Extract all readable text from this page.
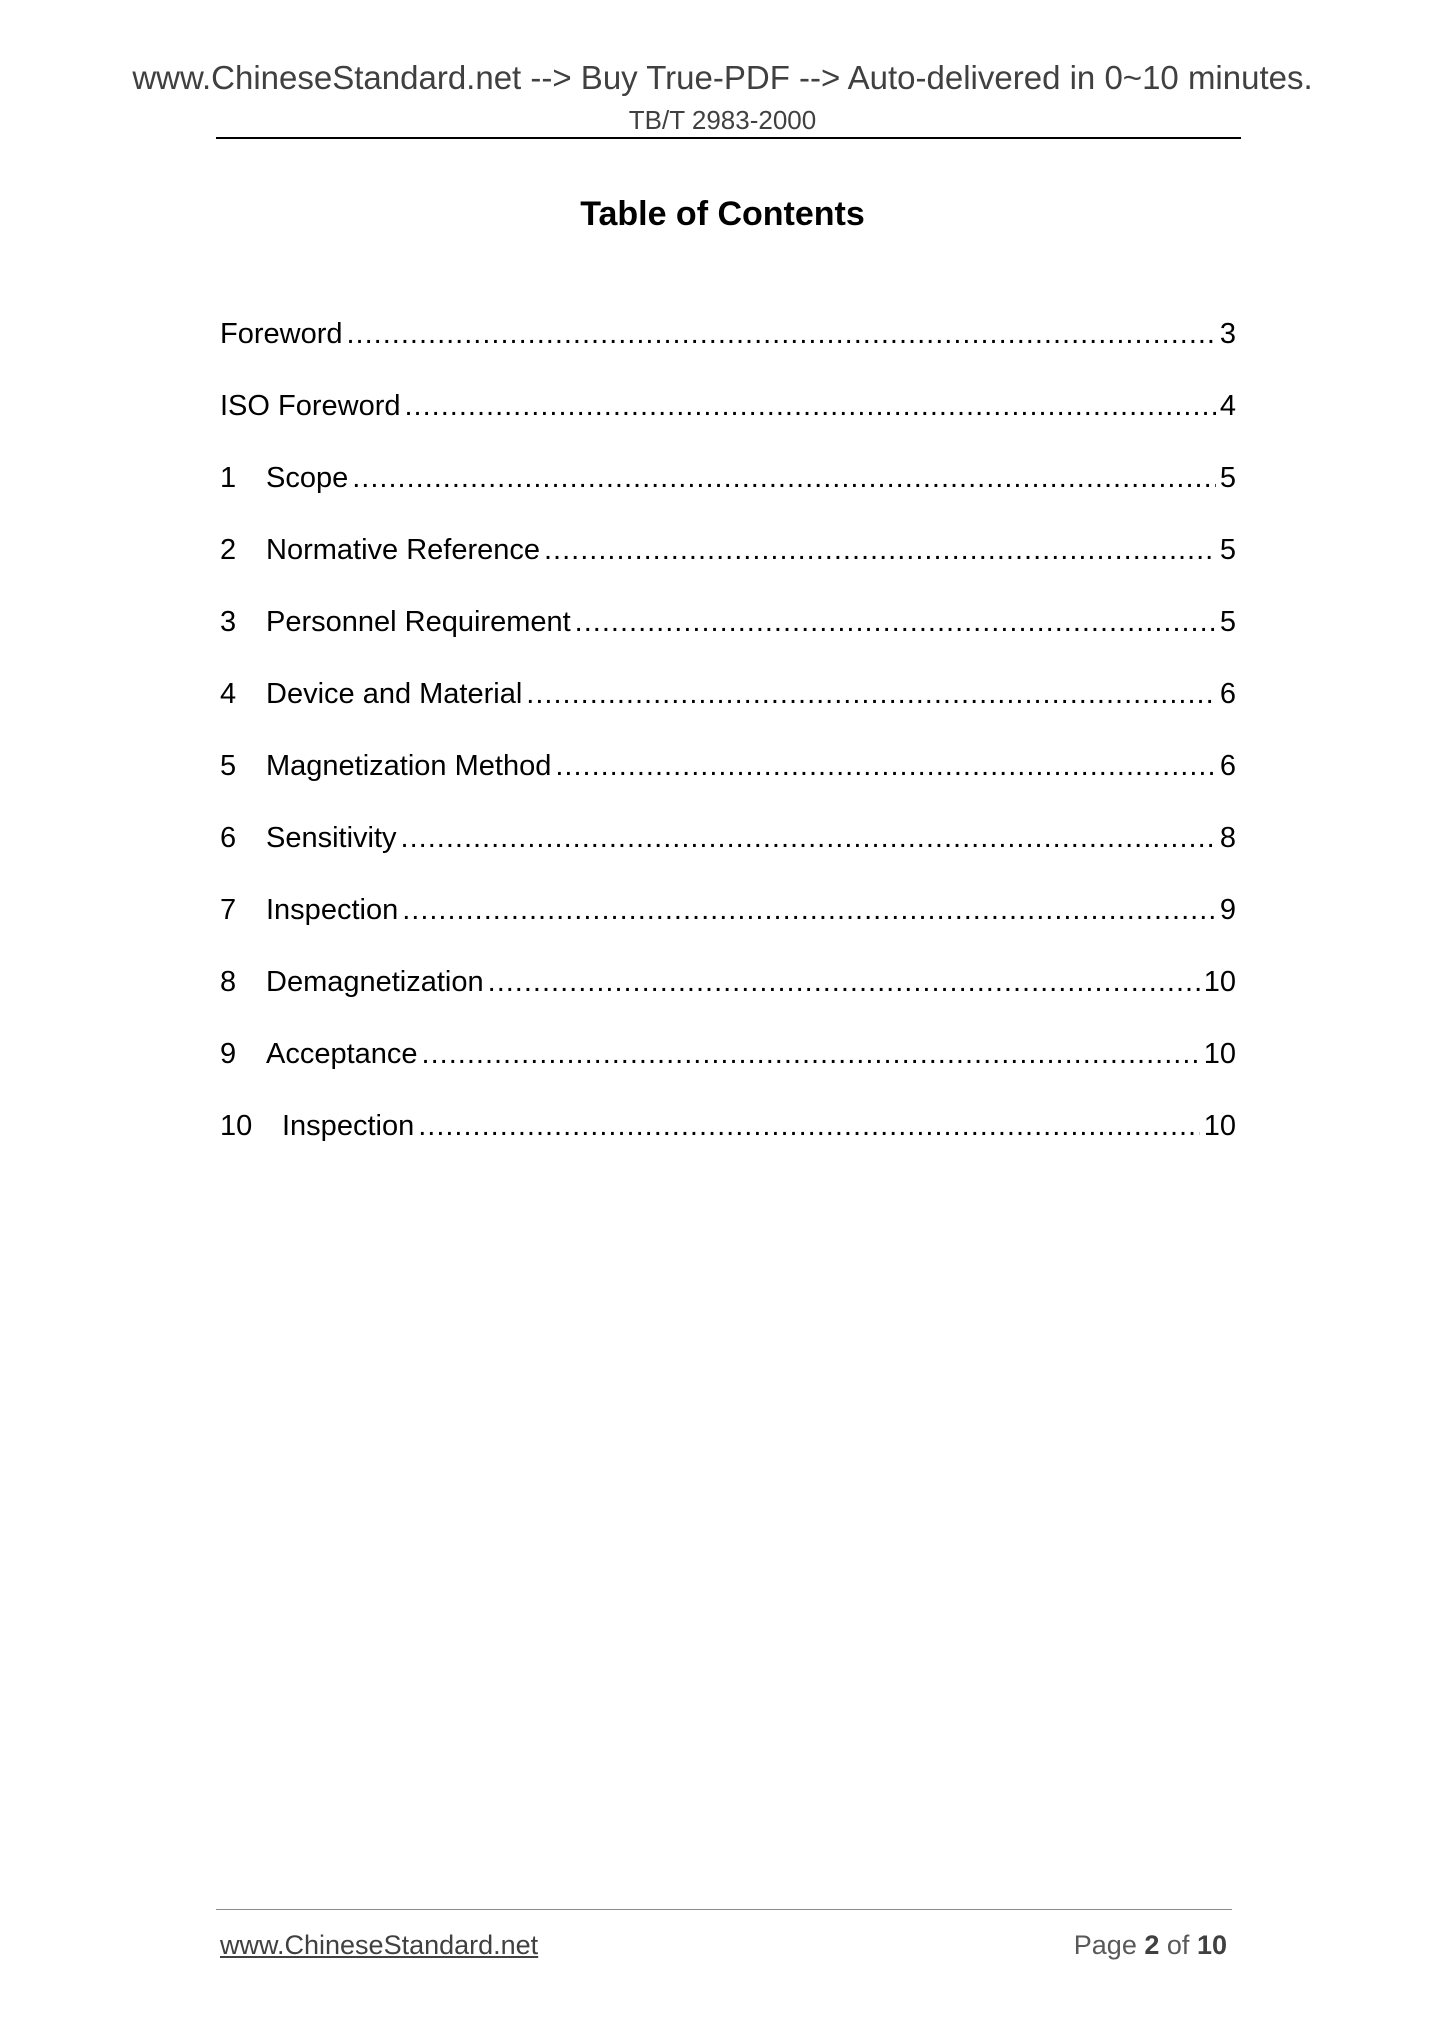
www.ChineseStandard.net --> Buy True-PDF --> Auto-delivered in 0~10 minutes.
TB/T 2983-2000
Table of Contents
Foreword .....	3
ISO Foreword .....	4
1	Scope .....	5
2	Normative Reference .....	5
3	Personnel Requirement .....	5
4	Device and Material .....	6
5	Magnetization Method .....	6
6	Sensitivity .....	8
7	Inspection .....	9
8	Demagnetization .....	10
9	Acceptance .....	10
10	Inspection .....	10
www.ChineseStandard.net	Page 2 of 10
